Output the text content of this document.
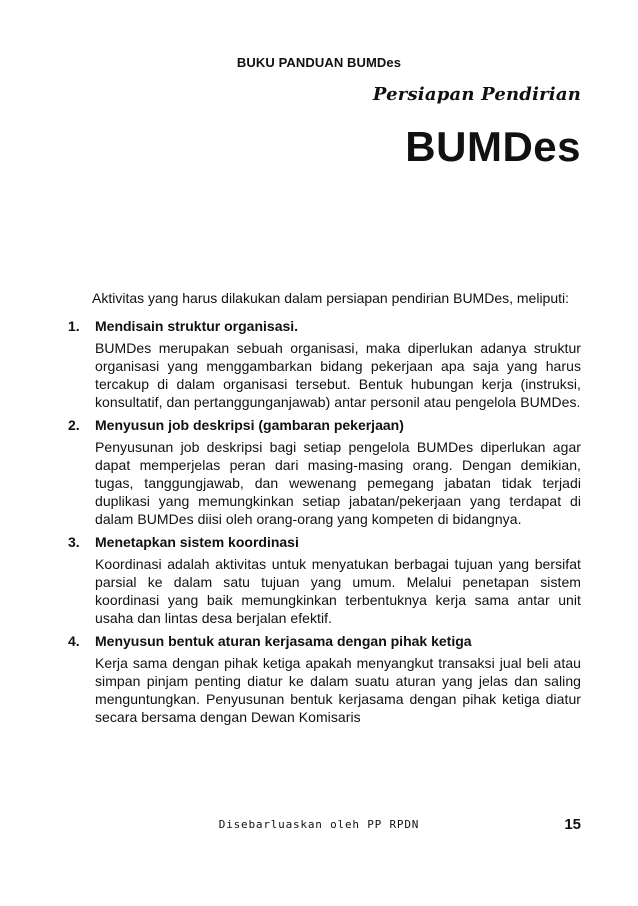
BUKU PANDUAN BUMDes
Persiapan Pendirian
BUMDes

Aktivitas yang harus dilakukan dalam persiapan pendirian BUMDes, meliputi:

1.	Mendisain struktur organisasi.
BUMDes merupakan sebuah organisasi, maka diperlukan adanya struktur organisasi yang menggambarkan bidang pekerjaan apa saja yang harus tercakup di dalam organisasi tersebut. Bentuk hubungan kerja (instruksi, konsultatif, dan pertanggunganjawab) antar personil atau pengelola BUMDes.
2.	Menyusun job deskripsi (gambaran pekerjaan)
Penyusunan job deskripsi bagi setiap pengelola BUMDes diperlukan agar dapat memperjelas peran dari masing-masing orang. Dengan demikian, tugas, tanggungjawab, dan wewenang pemegang jabatan tidak terjadi duplikasi yang memungkinkan setiap jabatan/pekerjaan yang terdapat di dalam BUMDes diisi oleh orang-orang yang kompeten di bidangnya.
3.	Menetapkan sistem koordinasi
Koordinasi adalah aktivitas untuk menyatukan berbagai tujuan yang bersifat parsial ke dalam satu tujuan yang umum. Melalui penetapan sistem koordinasi yang baik memungkinkan terbentuknya kerja sama antar unit usaha dan lintas desa berjalan efektif.
4.	Menyusun bentuk aturan kerjasama dengan pihak ketiga
Kerja sama dengan pihak ketiga apakah menyangkut transaksi jual beli atau simpan pinjam penting diatur ke dalam suatu aturan yang jelas dan saling menguntungkan. Penyusunan bentuk kerjasama dengan pihak ketiga diatur secara bersama dengan Dewan Komisaris
Disebarluaskan oleh PP RPDN	15
